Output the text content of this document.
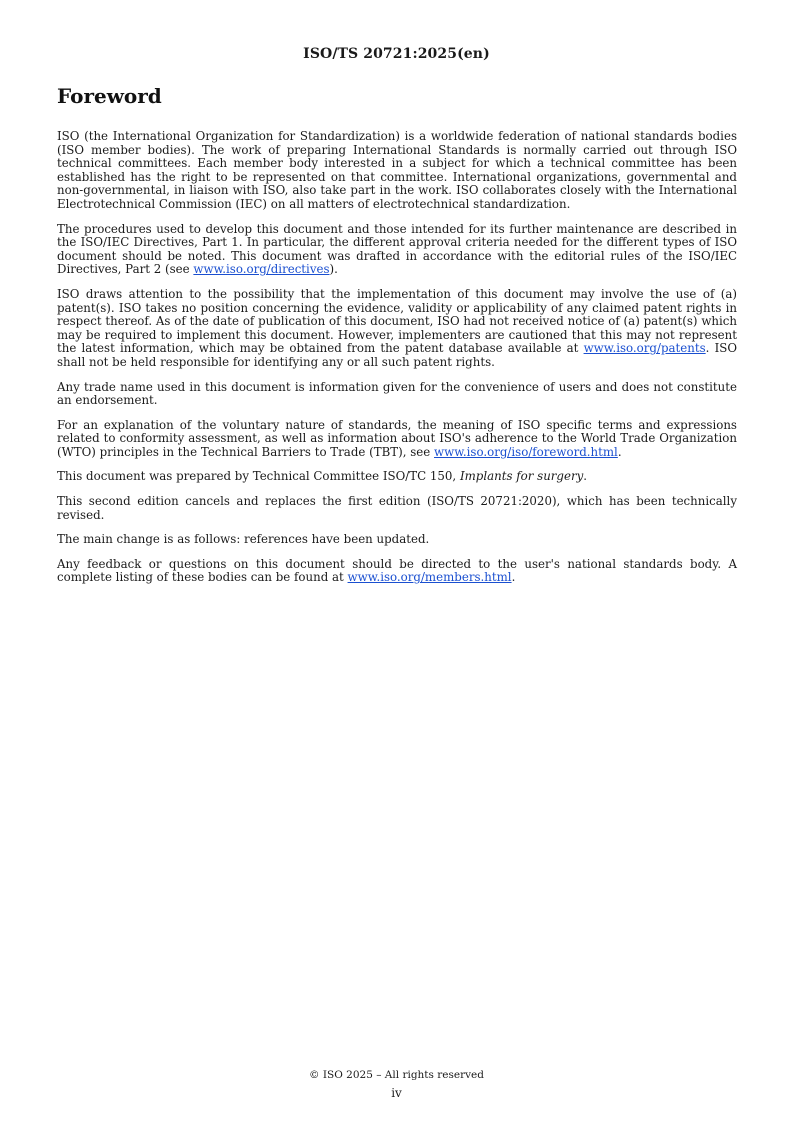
ISO/TS 20721:2025(en)
Foreword

ISO (the International Organization for Standardization) is a worldwide federation of national standards bodies (ISO member bodies). The work of preparing International Standards is normally carried out through ISO technical committees. Each member body interested in a subject for which a technical committee has been established has the right to be represented on that committee. International organizations, governmental and non-governmental, in liaison with ISO, also take part in the work. ISO collaborates closely with the International Electrotechnical Commission (IEC) on all matters of electrotechnical standardization.

The procedures used to develop this document and those intended for its further maintenance are described in the ISO/IEC Directives, Part 1. In particular, the different approval criteria needed for the different types of ISO document should be noted. This document was drafted in accordance with the editorial rules of the ISO/IEC Directives, Part 2 (see www.iso.org/directives).

ISO draws attention to the possibility that the implementation of this document may involve the use of (a) patent(s). ISO takes no position concerning the evidence, validity or applicability of any claimed patent rights in respect thereof. As of the date of publication of this document, ISO had not received notice of (a) patent(s) which may be required to implement this document. However, implementers are cautioned that this may not represent the latest information, which may be obtained from the patent database available at www.iso.org/patents. ISO shall not be held responsible for identifying any or all such patent rights.

Any trade name used in this document is information given for the convenience of users and does not constitute an endorsement.

For an explanation of the voluntary nature of standards, the meaning of ISO specific terms and expressions related to conformity assessment, as well as information about ISO's adherence to the World Trade Organization (WTO) principles in the Technical Barriers to Trade (TBT), see www.iso.org/iso/foreword.html.

This document was prepared by Technical Committee ISO/TC 150, Implants for surgery.

This second edition cancels and replaces the first edition (ISO/TS 20721:2020), which has been technically revised.

The main change is as follows: references have been updated.

Any feedback or questions on this document should be directed to the user's national standards body. A complete listing of these bodies can be found at www.iso.org/members.html.

© ISO 2025 – All rights reserved
iv
